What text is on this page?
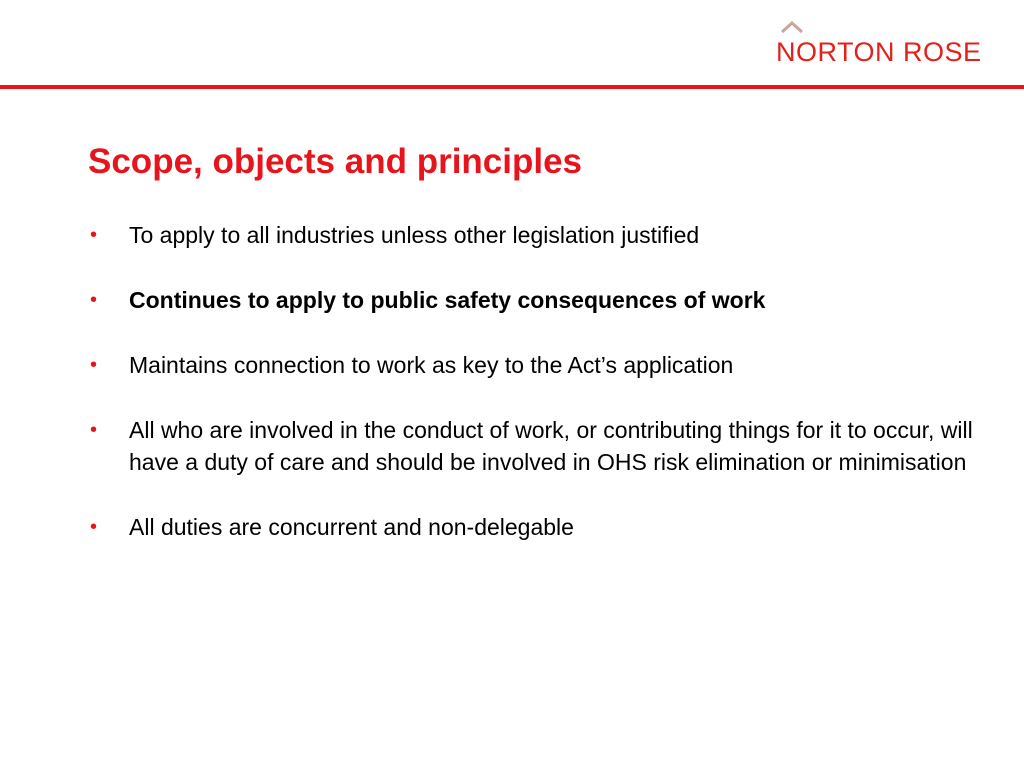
NORTON ROSE
Scope, objects and principles
• To apply to all industries unless other legislation justified
• Continues to apply to public safety consequences of work
• Maintains connection to work as key to the Act’s application
• All who are involved in the conduct of work, or contributing things for it to occur, will have a duty of care and should be involved in OHS risk elimination or minimisation
• All duties are concurrent and non-delegable
